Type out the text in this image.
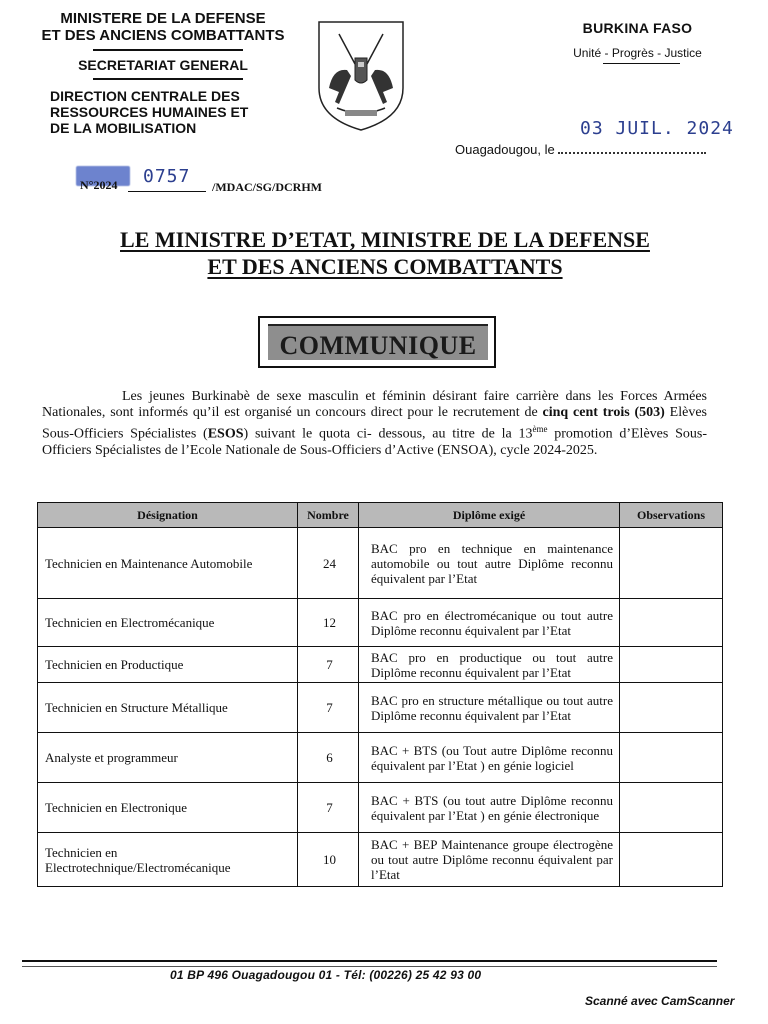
MINISTERE DE LA DEFENSE
ET DES ANCIENS COMBATTANTS
SECRETARIAT GENERAL
DIRECTION CENTRALE DES
RESSOURCES HUMAINES ET
DE LA MOBILISATION
BURKINA FASO
Unité - Progrès - Justice
03 JUIL. 2024
Ouagadougou, le
N°2024 0757 /MDAC/SG/DCRHM
LE MINISTRE D’ETAT, MINISTRE DE LA DEFENSE
ET DES ANCIENS COMBATTANTS
COMMUNIQUE

Les jeunes Burkinabè de sexe masculin et féminin désirant faire carrière dans les Forces Armées Nationales, sont informés qu’il est organisé un concours direct pour le recrutement de cinq cent trois (503) Elèves Sous-Officiers Spécialistes (ESOS) suivant le quota ci- dessous, au titre de la 13ème promotion d’Elèves Sous-Officiers Spécialistes de l’Ecole Nationale de Sous-Officiers d’Active (ENSOA), cycle 2024-2025.

Désignation	Nombre	Diplôme exigé	Observations
Technicien en Maintenance Automobile	24	BAC pro en technique en maintenance automobile ou tout autre Diplôme reconnu équivalent par l’Etat	
Technicien en Electromécanique	12	BAC pro en électromécanique ou tout autre Diplôme reconnu équivalent par l’Etat	
Technicien en Productique	7	BAC pro en productique ou tout autre Diplôme reconnu équivalent par l’Etat	
Technicien en Structure Métallique	7	BAC pro en structure métallique ou tout autre Diplôme reconnu équivalent par l’Etat	
Analyste et programmeur	6	BAC + BTS (ou Tout autre Diplôme reconnu équivalent par l’Etat ) en génie logiciel	
Technicien en Electronique	7	BAC + BTS (ou tout autre Diplôme reconnu équivalent par l’Etat ) en génie électronique	
Technicien en Electrotechnique/Electromécanique	10	BAC + BEP Maintenance groupe électrogène ou tout autre Diplôme reconnu équivalent par l’Etat	
01 BP 496 Ouagadougou 01 - Tél: (00226) 25 42 93 00
Scanné avec CamScanner
